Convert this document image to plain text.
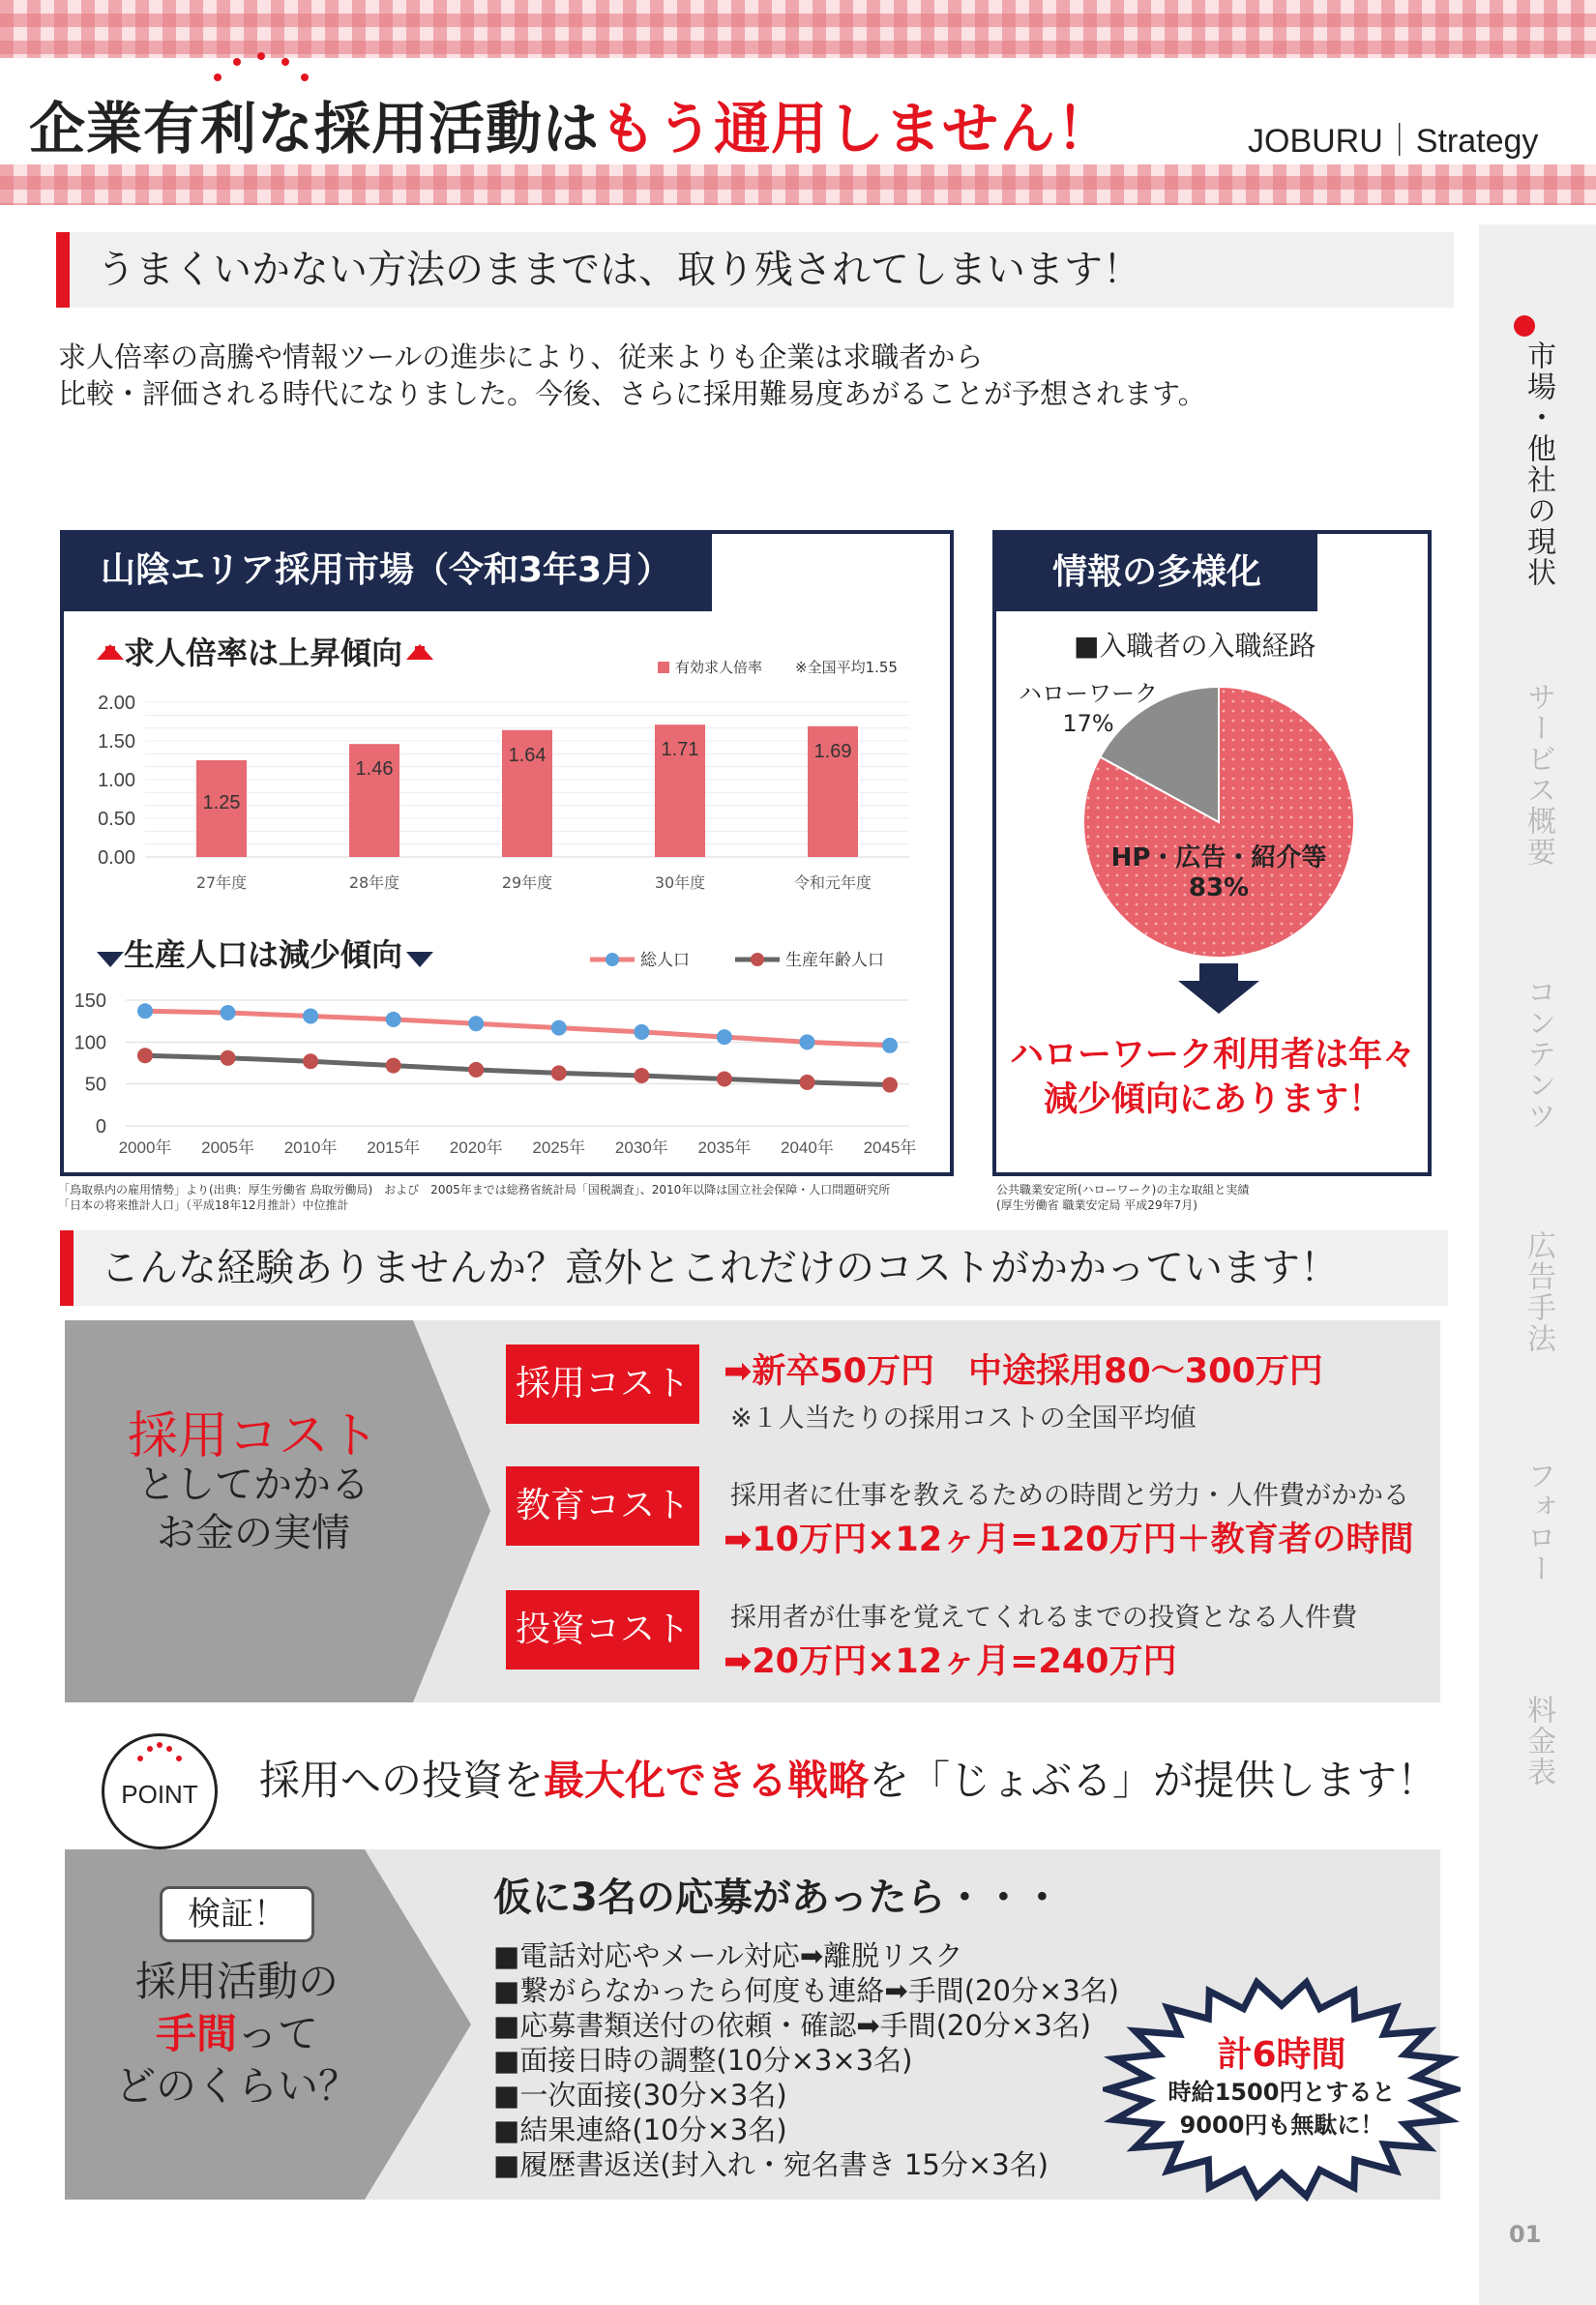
企業有利な採用活動はもう通用しません！	JOBURU｜Strategy
市場・他社の現状
サービス概要
コンテンツ
広告手法
フォロー
料金表
01
うまくいかない方法のままでは、取り残されてしまいます！
求人倍率の高騰や情報ツールの進歩により、従来よりも企業は求職者から
比較・評価される時代になりました。今後、さらに採用難易度あがることが予想されます。
山陰エリア採用市場（令和3年3月）
求人倍率は上昇傾向
2.00
1.50
1.00
0.50
0.00
有効求人倍率 ※全国平均1.55
1.25
27年度
1.46
28年度
1.64
29年度
1.71
30年度
1.69
令和元年度
生産人口は減少傾向
150
100
50
0
2000年 2005年 2010年 2015年 2020年 2025年 2030年 2035年 2040年 2045年
総人口	生産年齢人口
「鳥取県内の雇用情勢」より(出典：厚生労働省 鳥取労働局)　および　2005年までは総務省統計局「国税調査」、2010年以降は国立社会保障・人口問題研究所
「日本の将来推計人口」（平成18年12月推計）中位推計
情報の多様化
■入職者の入職経路
ハローワーク
17%
HP・広告・紹介等
83%
ハローワーク利用者は年々
減少傾向にあります！
公共職業安定所(ハローワーク)の主な取組と実績
(厚生労働省 職業安定局 平成29年7月)
こんな経験ありませんか？意外とこれだけのコストがかかっています！
採用コスト
としてかかる
お金の実情
採用コスト ➡新卒50万円　中途採用80～300万円
※１人当たりの採用コストの全国平均値
教育コスト	採用者に仕事を教えるための時間と労力・人件費がかかる
➡10万円×12ヶ月=120万円＋教育者の時間
投資コスト	採用者が仕事を覚えてくれるまでの投資となる人件費
➡20万円×12ヶ月=240万円
POINT	採用への投資を最大化できる戦略を「じょぶる」が提供します！
検証！
採用活動の
手間って
どのくらい？
仮に3名の応募があったら・・・
■電話対応やメール対応➡離脱リスク
■繋がらなかったら何度も連絡➡手間(20分×3名)
■応募書類送付の依頼・確認➡手間(20分×3名)
■面接日時の調整(10分×3×3名)
■一次面接(30分×3名)
■結果連絡(10分×3名)
■履歴書返送(封入れ・宛名書き 15分×3名)
計6時間
時給1500円とすると
9000円も無駄に！
